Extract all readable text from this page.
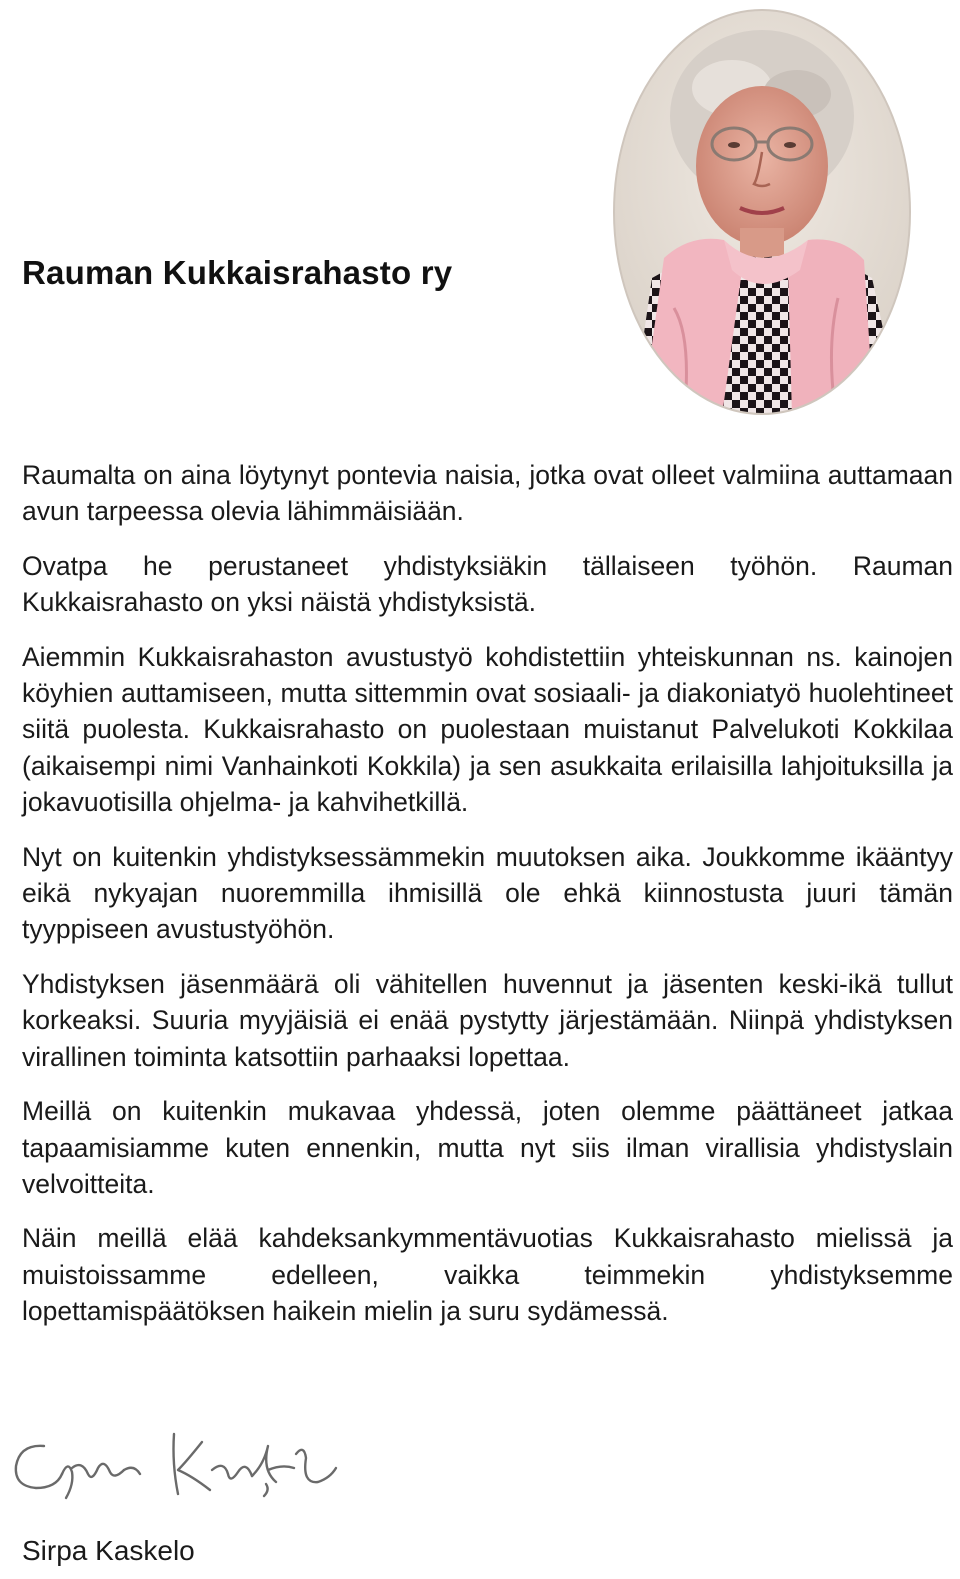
Rauman Kukkaisrahasto ry

Raumalta on aina löytynyt pontevia naisia, jotka ovat olleet valmiina auttamaan avun tarpeessa olevia lähimmäisiään.

Ovatpa he perustaneet yhdistyksiäkin tällaiseen työhön. Rauman Kukkaisrahasto on yksi näistä yhdistyksistä.

Aiemmin Kukkaisrahaston avustustyö kohdistettiin yhteiskunnan ns. kainojen köyhien auttamiseen, mutta sittemmin ovat sosiaali- ja diakoniatyö huolehtineet siitä puolesta. Kukkaisrahasto on puolestaan muistanut Palvelukoti Kokkilaa (aikaisempi nimi Vanhainkoti Kokkila) ja sen asukkaita erilaisilla lahjoituksilla ja jokavuotisilla ohjelma- ja kahvihetkillä.

Nyt on kuitenkin yhdistyksessämmekin muutoksen aika. Joukkomme ikääntyy eikä nykyajan nuoremmilla ihmisillä ole ehkä kiinnostusta juuri tämän tyyppiseen avustustyöhön.

Yhdistyksen jäsenmäärä oli vähitellen huvennut ja jäsenten keski-ikä tullut korkeaksi. Suuria myyjäisiä ei enää pystytty järjestämään. Niinpä yhdistyksen virallinen toiminta katsottiin parhaaksi lopettaa.

Meillä on kuitenkin mukavaa yhdessä, joten olemme päättäneet jatkaa tapaamisiamme kuten ennenkin, mutta nyt siis ilman virallisia yhdistyslain velvoitteita.

Näin meillä elää kahdeksankymmentävuotias Kukkaisrahasto mielissä ja muistoissamme edelleen, vaikka teimmekin yhdistyksemme lopettamispäätöksen haikein mielin ja suru sydämessä.

Sirpa Kaskelo
